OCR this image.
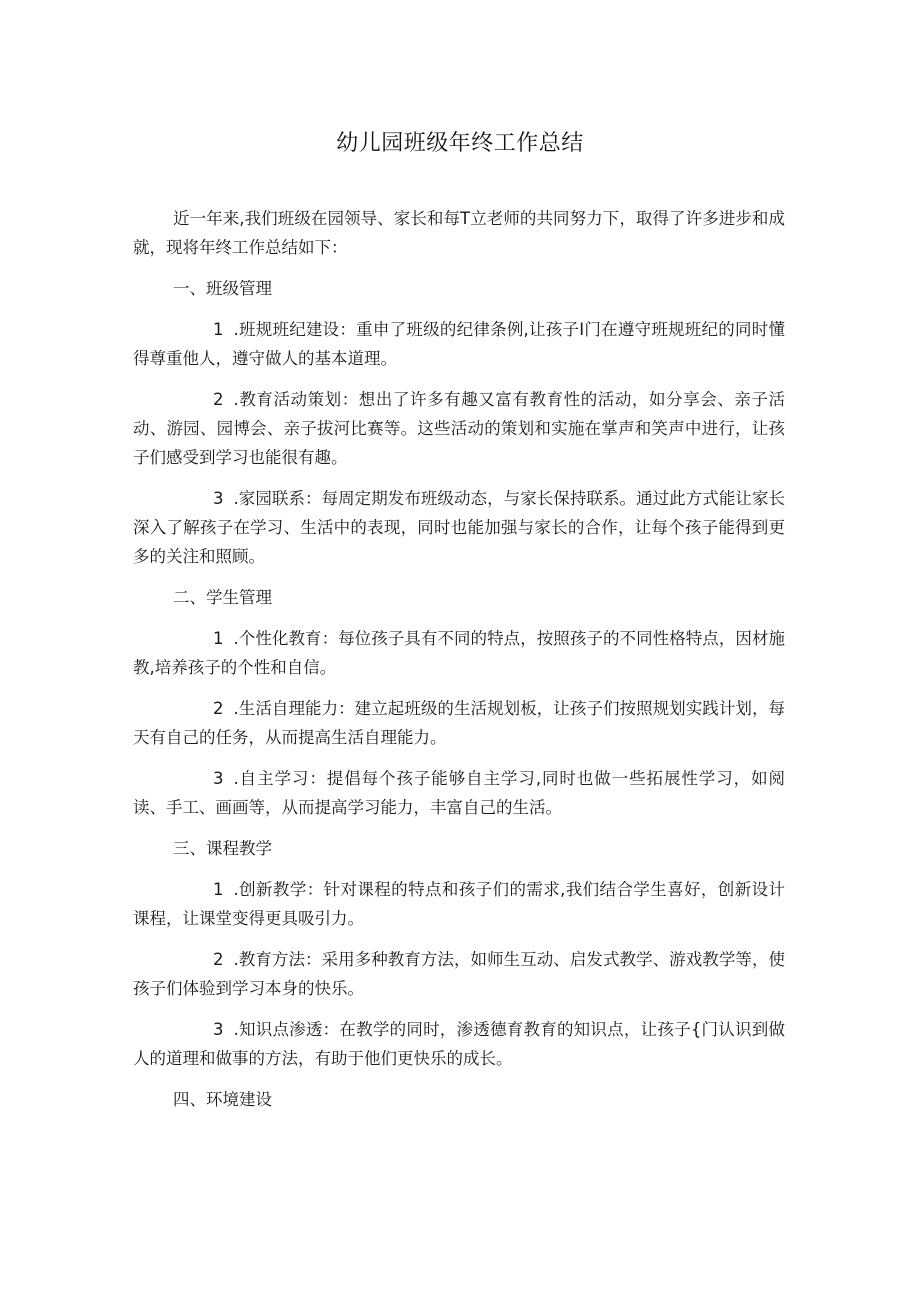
幼儿园班级年终工作总结

近一年来,我们班级在园领导、家长和每T立老师的共同努力下，取得了许多进步和成就，现将年终工作总结如下：

一、班级管理

1 .班规班纪建设：重申了班级的纪律条例,让孩子I门在遵守班规班纪的同时懂得尊重他人，遵守做人的基本道理。

2 .教育活动策划：想出了许多有趣又富有教育性的活动，如分享会、亲子活动、游园、园博会、亲子拔河比赛等。这些活动的策划和实施在掌声和笑声中进行，让孩子们感受到学习也能很有趣。

3 .家园联系：每周定期发布班级动态，与家长保持联系。通过此方式能让家长深入了解孩子在学习、生活中的表现，同时也能加强与家长的合作，让每个孩子能得到更多的关注和照顾。

二、学生管理

1 .个性化教育：每位孩子具有不同的特点，按照孩子的不同性格特点，因材施教,培养孩子的个性和自信。

2 .生活自理能力：建立起班级的生活规划板，让孩子们按照规划实践计划，每天有自己的任务，从而提高生活自理能力。

3 .自主学习：提倡每个孩子能够自主学习,同时也做一些拓展性学习，如阅读、手工、画画等，从而提高学习能力，丰富自己的生活。

三、课程教学

1 .创新教学：针对课程的特点和孩子们的需求,我们结合学生喜好，创新设计课程，让课堂变得更具吸引力。

2 .教育方法：采用多种教育方法，如师生互动、启发式教学、游戏教学等，使孩子们体验到学习本身的快乐。

3 .知识点渗透：在教学的同时，渗透德育教育的知识点，让孩子{门认识到做人的道理和做事的方法，有助于他们更快乐的成长。

四、环境建设
